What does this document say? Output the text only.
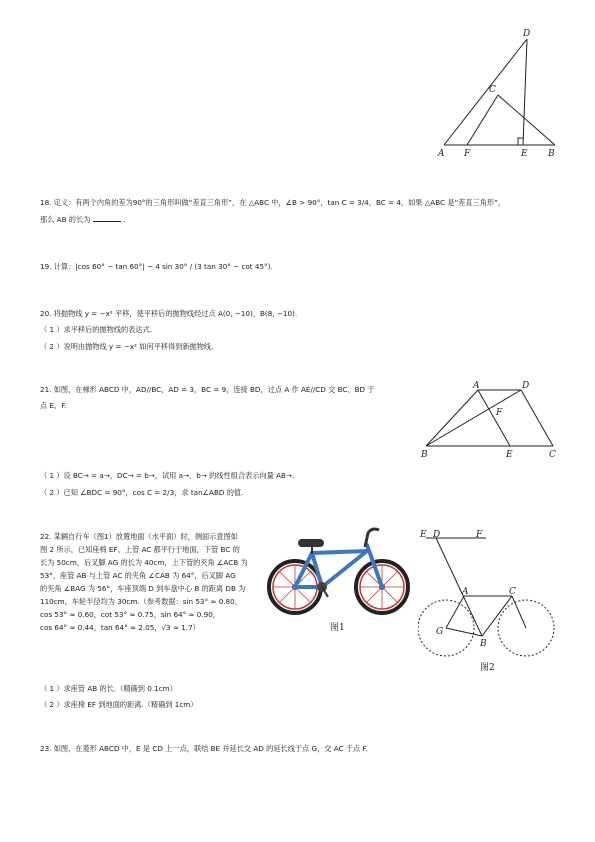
D
C
A F	E B
18. 定义：有两个内角的差为90°的三角形叫做“差直三角形”，在 △ABC 中，∠B > 90°，tan C = 3/4，BC = 4，如果 △ABC 是“差直三角形”，
那么 AB 的长为	.
19. 计算：|cos 60° − tan 60°| − 4 sin 30° / (3 tan 30° − cot 45°).
20. 将抛物线 y = −x² 平移，使平移后的抛物线经过点 A(0, −10)，B(8, −10).
（ 1 ）求平移后的抛物线的表达式.
（ 2 ）说明由抛物线 y = −x² 如何平移得到新抛物线.
21. 如图，在梯形 ABCD 中，AD//BC，AD = 3，BC = 9，连接 BD，过点 A 作 AE//CD 交 BC、BD 于
点 E、F.
A	D
F
B	E	C
（ 1 ）设 BC→ = a→，DC→ = b→，试用 a→、b→ 的线性组合表示向量 AB→.
（ 2 ）已知 ∠BDC = 90°，cos C = 2/3，求 tan∠ABD 的值.
22. 某辆自行车（图1）放置地面（水平面）时，侧面示意图如
图 2 所示，已知座椅 EF、上管 AC 都平行于地面，下管 BC 的
长为 50cm，后叉脚 AG 的长为 40cm，上下管的夹角 ∠ACB 为
53°，座管 AB 与上管 AC 的夹角 ∠CAB 为 64°，后叉脚 AG
的夹角 ∠BAG 为 56°，车座顶端 D 到车盘中心 B 的距离 DB 为
110cm，车轮半径均为 30cm.（参考数据：sin 53° ≈ 0.80，
cos 53° ≈ 0.60，cot 53° ≈ 0.75，sin 64° ≈ 0.90，
cos 64° ≈ 0.44，tan 64° ≈ 2.05，√3 ≈ 1.7）	图1
E D	F
A	C
G
B
图2
（ 1 ）求座管 AB 的长.（精确到 0.1cm）
（ 2 ）求座椅 EF 到地面的距离.（精确到 1cm）
23. 如图，在菱形 ABCD 中，E 是 CD 上一点，联结 BE 并延长交 AD 的延长线于点 G，交 AC 于点 F.
